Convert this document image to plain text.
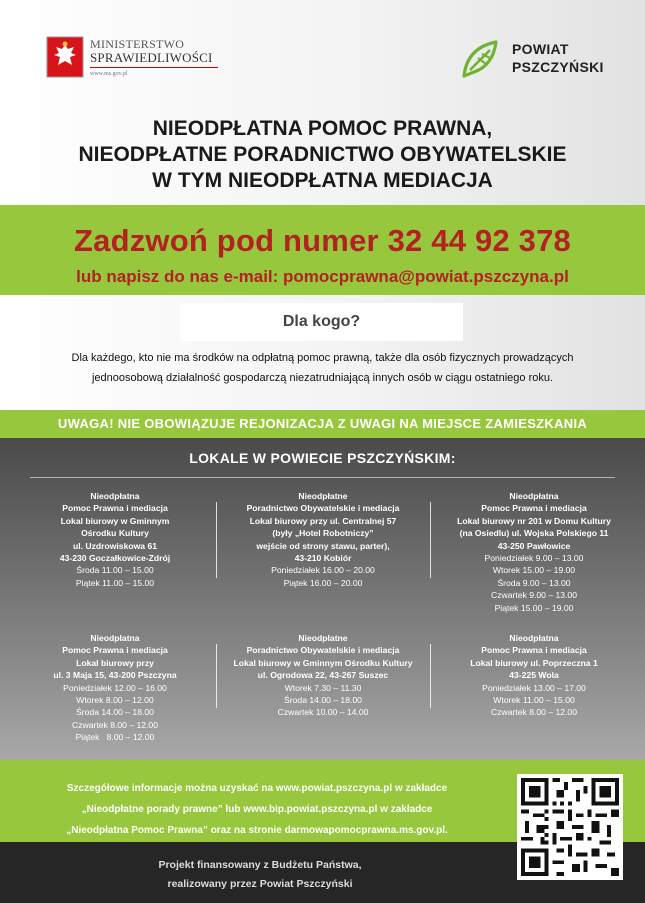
MINISTERSTWO
SPRAWIEDLIWOŚCI
www.ms.gov.pl
POWIAT
PSZCZYŃSKI
NIEODPŁATNA POMOC PRAWNA,
NIEODPŁATNE PORADNICTWO OBYWATELSKIE
W TYM NIEODPŁATNA MEDIACJA
Zadzwoń pod numer 32 44 92 378
lub napisz do nas e-mail: pomocprawna@powiat.pszczyna.pl
Dla kogo?
Dla każdego, kto nie ma środków na odpłatną pomoc prawną, także dla osób fizycznych prowadzących
jednoosobową działalność gospodarczą niezatrudniającą innych osób w ciągu ostatniego roku.
UWAGA! NIE OBOWIĄZUJE REJONIZACJA Z UWAGI NA MIEJSCE ZAMIESZKANIA
LOKALE W POWIECIE PSZCZYŃSKIM:
Nieodpłatna
Pomoc Prawna i mediacja
Lokal biurowy w Gminnym
Ośrodku Kultury
ul. Uzdrowiskowa 61
43-230 Goczałkowice-Zdrój
Środa 11.00 – 15.00
Piątek 11.00 – 15.00
Nieodpłatne
Poradnictwo Obywatelskie i mediacja
Lokal biurowy przy ul. Centralnej 57
(były „Hotel Robotniczy”
wejście od strony stawu, parter),
43-210 Kobiór
Poniedziałek 16.00 – 20.00
Piątek 16.00 – 20.00
Nieodpłatna
Pomoc Prawna i mediacja
Lokal biurowy nr 201 w Domu Kultury
(na Osiedlu) ul. Wojska Polskiego 11
43-250 Pawłowice
Poniedziałek 9.00 – 13.00
Wtorek 15.00 – 19.00
Środa 9.00 – 13.00
Czwartek 9.00 – 13.00
Piątek 15.00 – 19.00
Nieodpłatna
Pomoc Prawna i mediacja
Lokal biurowy przy
ul. 3 Maja 15, 43-200 Pszczyna
Poniedziałek 12.00 – 16.00
Wtorek 8.00 – 12.00
Środa 14.00 – 18.00
Czwartek 8.00 – 12.00
Piątek   8.00 – 12.00
Nieodpłatne
Poradnictwo Obywatelskie i mediacja
Lokal biurowy w Gminnym Ośrodku Kultury
ul. Ogrodowa 22, 43-267 Suszec
Wtorek 7.30 – 11.30
Środa 14.00 – 18.00
Czwartek 10.00 – 14.00
Nieodpłatna
Pomoc Prawna i mediacja
Lokal biurowy ul. Poprzeczna 1
43-225 Wola
Poniedziałek 13.00 – 17.00
Wtorek 11.00 – 15.00
Czwartek 8.00 – 12.00
Szczegółowe informacje można uzyskać na www.powiat.pszczyna.pl w zakładce
„Nieodpłatne porady prawne” lub www.bip.powiat.pszczyna.pl w zakładce
„Nieodpłatna Pomoc Prawna” oraz na stronie darmowapomocprawna.ms.gov.pl.
Projekt finansowany z Budżetu Państwa,
realizowany przez Powiat Pszczyński
